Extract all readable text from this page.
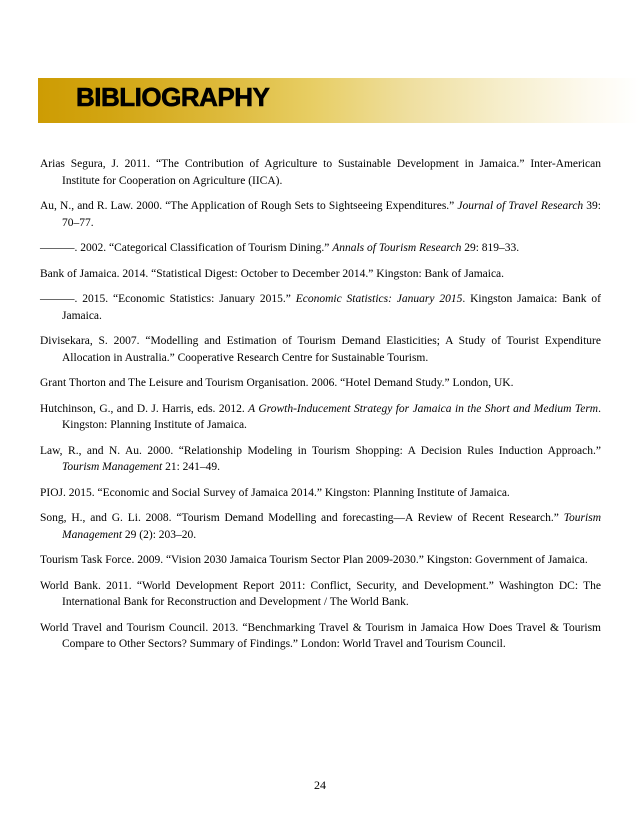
BIBLIOGRAPHY

Arias Segura, J. 2011. “The Contribution of Agriculture to Sustainable Development in Jamaica.” Inter-American Institute for Cooperation on Agriculture (IICA).

Au, N., and R. Law. 2000. “The Application of Rough Sets to Sightseeing Expenditures.” Journal of Travel Research 39: 70–77.

———. 2002. “Categorical Classification of Tourism Dining.” Annals of Tourism Research 29: 819–33.

Bank of Jamaica. 2014. “Statistical Digest: October to December 2014.” Kingston: Bank of Jamaica.

———. 2015. “Economic Statistics: January 2015.” Economic Statistics: January 2015. Kingston Jamaica: Bank of Jamaica.

Divisekara, S. 2007. “Modelling and Estimation of Tourism Demand Elasticities; A Study of Tourist Expenditure Allocation in Australia.” Cooperative Research Centre for Sustainable Tourism.

Grant Thorton and The Leisure and Tourism Organisation. 2006. “Hotel Demand Study.” London, UK.

Hutchinson, G., and D. J. Harris, eds. 2012. A Growth-Inducement Strategy for Jamaica in the Short and Medium Term. Kingston: Planning Institute of Jamaica.

Law, R., and N. Au. 2000. “Relationship Modeling in Tourism Shopping: A Decision Rules Induction Approach.” Tourism Management 21: 241–49.

PIOJ. 2015. “Economic and Social Survey of Jamaica 2014.” Kingston: Planning Institute of Jamaica.

Song, H., and G. Li. 2008. “Tourism Demand Modelling and forecasting—A Review of Recent Research.” Tourism Management 29 (2): 203–20.

Tourism Task Force. 2009. “Vision 2030 Jamaica Tourism Sector Plan 2009-2030.” Kingston: Government of Jamaica.

World Bank. 2011. “World Development Report 2011: Conflict, Security, and Development.” Washington DC: The International Bank for Reconstruction and Development / The World Bank.

World Travel and Tourism Council. 2013. “Benchmarking Travel & Tourism in Jamaica How Does Travel & Tourism Compare to Other Sectors? Summary of Findings.” London: World Travel and Tourism Council.

24
